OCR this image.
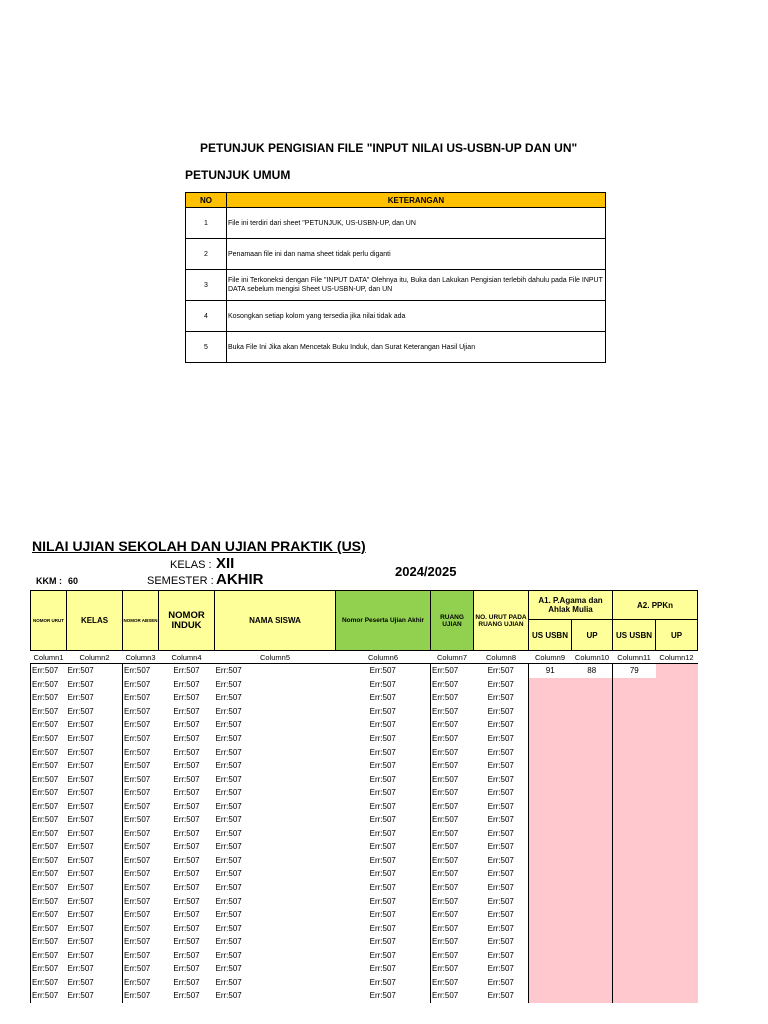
PETUNJUK PENGISIAN FILE "INPUT NILAI US-USBN-UP DAN UN"
PETUNJUK UMUM
NO	KETERANGAN
1	File ini terdiri dari sheet "PETUNJUK, US-USBN-UP, dan UN
2	Penamaan file ini dan nama sheet tidak perlu diganti
3	File ini Terkoneksi dengan File "INPUT DATA" Olehnya itu, Buka dan Lakukan Pengisian terlebih dahulu pada File INPUT DATA sebelum mengisi Sheet US-USBN-UP, dan UN
4	Kosongkan setiap kolom yang tersedia jika nilai tidak ada
5	Buka File Ini Jika akan Mencetak Buku Induk, dan Surat Keterangan Hasil Ujian
NILAI UJIAN SEKOLAH DAN UJIAN PRAKTIK (US)
KELAS : XII
KKM : 60	SEMESTER : AKHIR	2024/2025
NOMOR URUT	KELAS	NOMOR ABSEN	NOMOR INDUK	NAMA SISWA	Nomor Peserta Ujian Akhir	RUANG UJIAN	NO. URUT PADA RUANG UJIAN	A1. P.Agama dan Ahlak Mulia		A2. PPKn	
								US USBN	UP	US USBN	UP
Column1	Column2	Column3	Column4	Column5	Column6	Column7	Column8	Column9	Column10	Column11	Column12
Err:507	Err:507	Err:507	Err:507	Err:507	Err:507	Err:507	Err:507	91	88	79	
Err:507	Err:507	Err:507	Err:507	Err:507	Err:507	Err:507	Err:507				
Err:507	Err:507	Err:507	Err:507	Err:507	Err:507	Err:507	Err:507				
Err:507	Err:507	Err:507	Err:507	Err:507	Err:507	Err:507	Err:507				
Err:507	Err:507	Err:507	Err:507	Err:507	Err:507	Err:507	Err:507				
Err:507	Err:507	Err:507	Err:507	Err:507	Err:507	Err:507	Err:507				
Err:507	Err:507	Err:507	Err:507	Err:507	Err:507	Err:507	Err:507				
Err:507	Err:507	Err:507	Err:507	Err:507	Err:507	Err:507	Err:507				
Err:507	Err:507	Err:507	Err:507	Err:507	Err:507	Err:507	Err:507				
Err:507	Err:507	Err:507	Err:507	Err:507	Err:507	Err:507	Err:507				
Err:507	Err:507	Err:507	Err:507	Err:507	Err:507	Err:507	Err:507				
Err:507	Err:507	Err:507	Err:507	Err:507	Err:507	Err:507	Err:507				
Err:507	Err:507	Err:507	Err:507	Err:507	Err:507	Err:507	Err:507				
Err:507	Err:507	Err:507	Err:507	Err:507	Err:507	Err:507	Err:507				
Err:507	Err:507	Err:507	Err:507	Err:507	Err:507	Err:507	Err:507				
Err:507	Err:507	Err:507	Err:507	Err:507	Err:507	Err:507	Err:507				
Err:507	Err:507	Err:507	Err:507	Err:507	Err:507	Err:507	Err:507				
Err:507	Err:507	Err:507	Err:507	Err:507	Err:507	Err:507	Err:507				
Err:507	Err:507	Err:507	Err:507	Err:507	Err:507	Err:507	Err:507				
Err:507	Err:507	Err:507	Err:507	Err:507	Err:507	Err:507	Err:507				
Err:507	Err:507	Err:507	Err:507	Err:507	Err:507	Err:507	Err:507				
Err:507	Err:507	Err:507	Err:507	Err:507	Err:507	Err:507	Err:507				
Err:507	Err:507	Err:507	Err:507	Err:507	Err:507	Err:507	Err:507				
Err:507	Err:507	Err:507	Err:507	Err:507	Err:507	Err:507	Err:507				
Err:507	Err:507	Err:507	Err:507	Err:507	Err:507	Err:507	Err:507				
